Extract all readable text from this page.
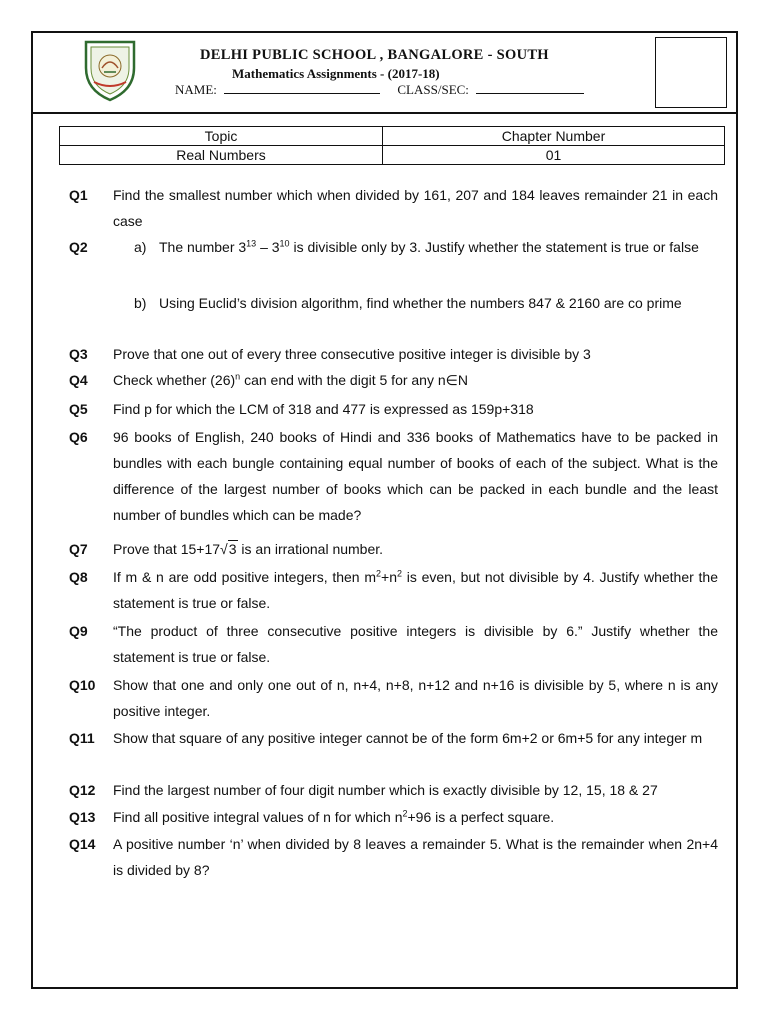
DELHI PUBLIC SCHOOL , BANGALORE - SOUTH
Mathematics Assignments - (2017-18)
NAME:	CLASS/SEC:
Topic	Chapter Number
Real Numbers	01
Q1 Find the smallest number which when divided by 161, 207 and 184 leaves remainder 21 in each case
Q2	a) The number $3^{13} - 3^{10}$ is divisible only by 3. Justify whether the statement is true or false
b) Using Euclid’s division algorithm, find whether the numbers 847 & 2160 are co prime
Q3 Prove that one out of every three consecutive positive integer is divisible by 3
Q4 Check whether $(26)^n$ can end with the digit 5 for any n∈N
Q5 Find p for which the LCM of 318 and 477 is expressed as 159p+318
Q6 96 books of English, 240 books of Hindi and 336 books of Mathematics have to be packed in bundles with each bungle containing equal number of books of each of the subject. What is the difference of the largest number of books which can be packed in each bundle and the least number of bundles which can be made?
Q7 Prove that 15+17√3 is an irrational number.
Q8 If m & n are odd positive integers, then $m^2+n^2$ is even, but not divisible by 4. Justify whether the statement is true or false.
Q9 “The product of three consecutive positive integers is divisible by 6.” Justify whether the statement is true or false.
Q10 Show that one and only one out of n, n+4, n+8, n+12 and n+16 is divisible by 5, where n is any positive integer.
Q11 Show that square of any positive integer cannot be of the form 6m+2 or 6m+5 for any integer m
Q12 Find the largest number of four digit number which is exactly divisible by 12, 15, 18 & 27
Q13 Find all positive integral values of n for which $n^2+96$ is a perfect square.
Q14 A positive number ‘n’ when divided by 8 leaves a remainder 5. What is the remainder when 2n+4 is divided by 8?
